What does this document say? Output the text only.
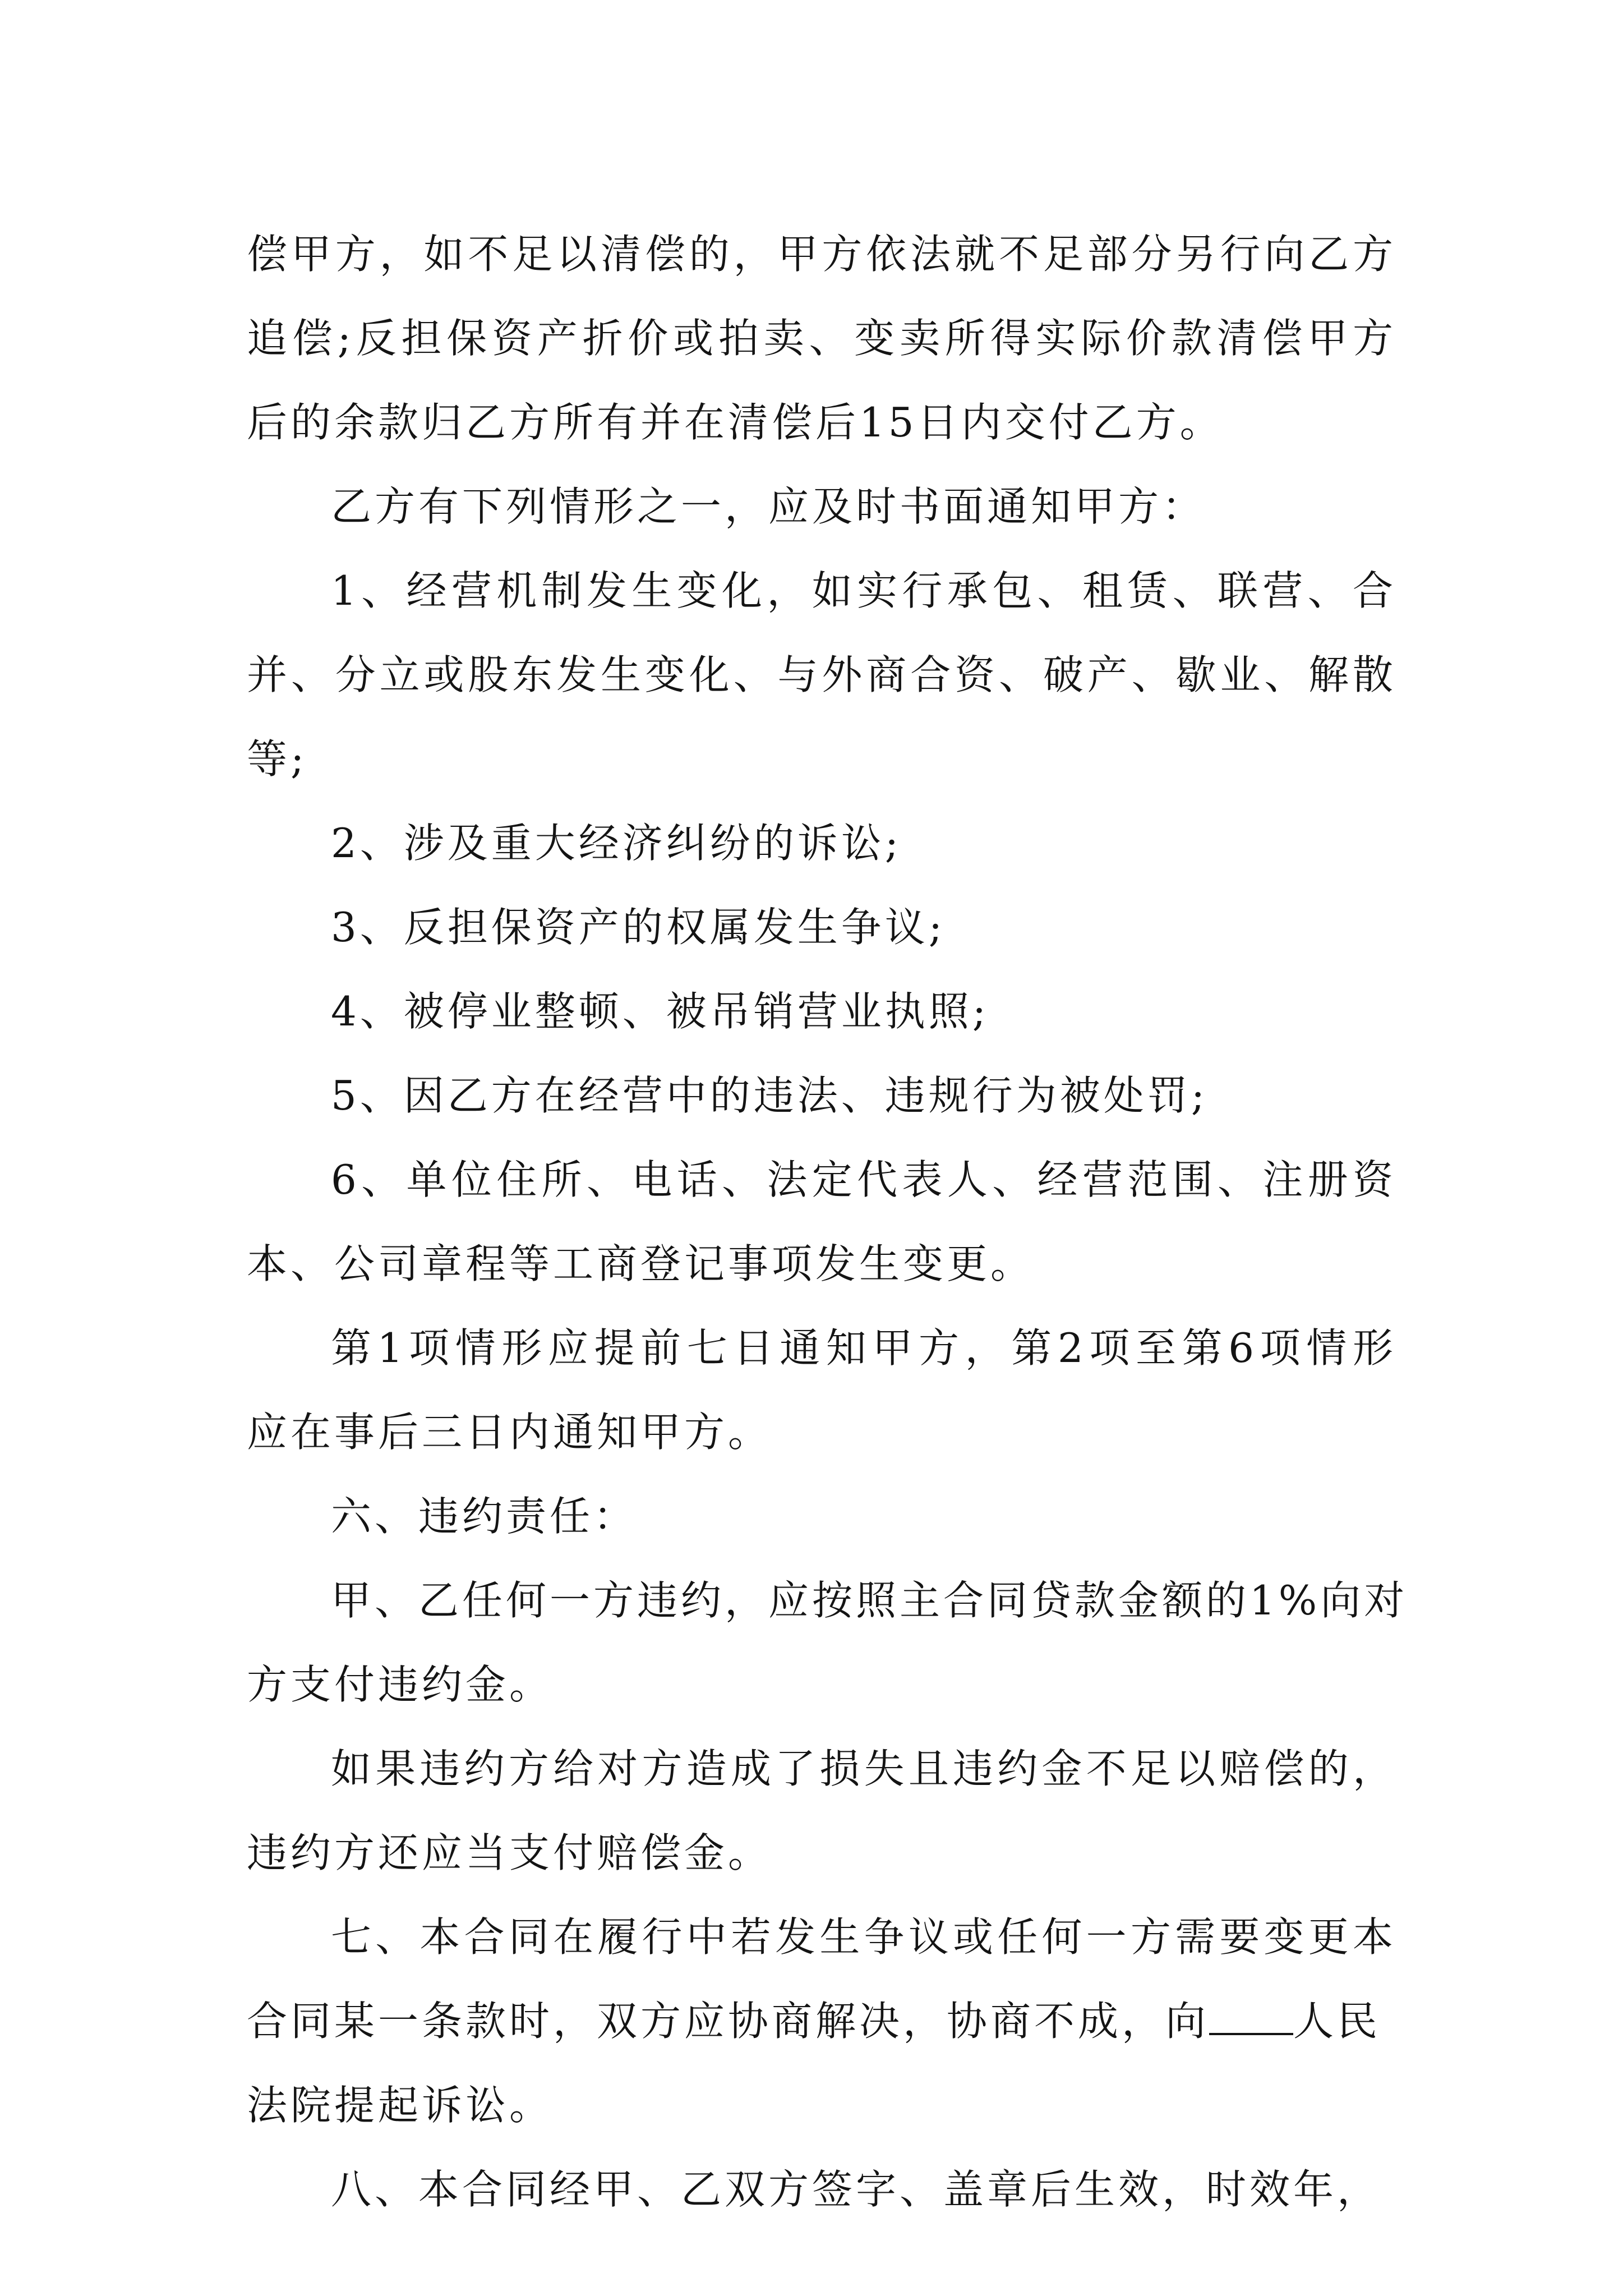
偿甲方，如不足以清偿的，甲方依法就不足部分另行向乙方
追偿;反担保资产折价或拍卖、变卖所得实际价款清偿甲方
后的余款归乙方所有并在清偿后15日内交付乙方。
乙方有下列情形之一，应及时书面通知甲方：
1、经营机制发生变化，如实行承包、租赁、联营、合
并、分立或股东发生变化、与外商合资、破产、歇业、解散
等;
2、涉及重大经济纠纷的诉讼;
3、反担保资产的权属发生争议;
4、被停业整顿、被吊销营业执照;
5、因乙方在经营中的违法、违规行为被处罚;
6、单位住所、电话、法定代表人、经营范围、注册资
本、公司章程等工商登记事项发生变更。
第1项情形应提前七日通知甲方，第2项至第6项情形
应在事后三日内通知甲方。
六、违约责任：
甲、乙任何一方违约，应按照主合同贷款金额的1%向对
方支付违约金。
如果违约方给对方造成了损失且违约金不足以赔偿的，
违约方还应当支付赔偿金。
七、本合同在履行中若发生争议或任何一方需要变更本
合同某一条款时，双方应协商解决，协商不成，向 人民
法院提起诉讼。
八、本合同经甲、乙双方签字、盖章后生效，时效年，
